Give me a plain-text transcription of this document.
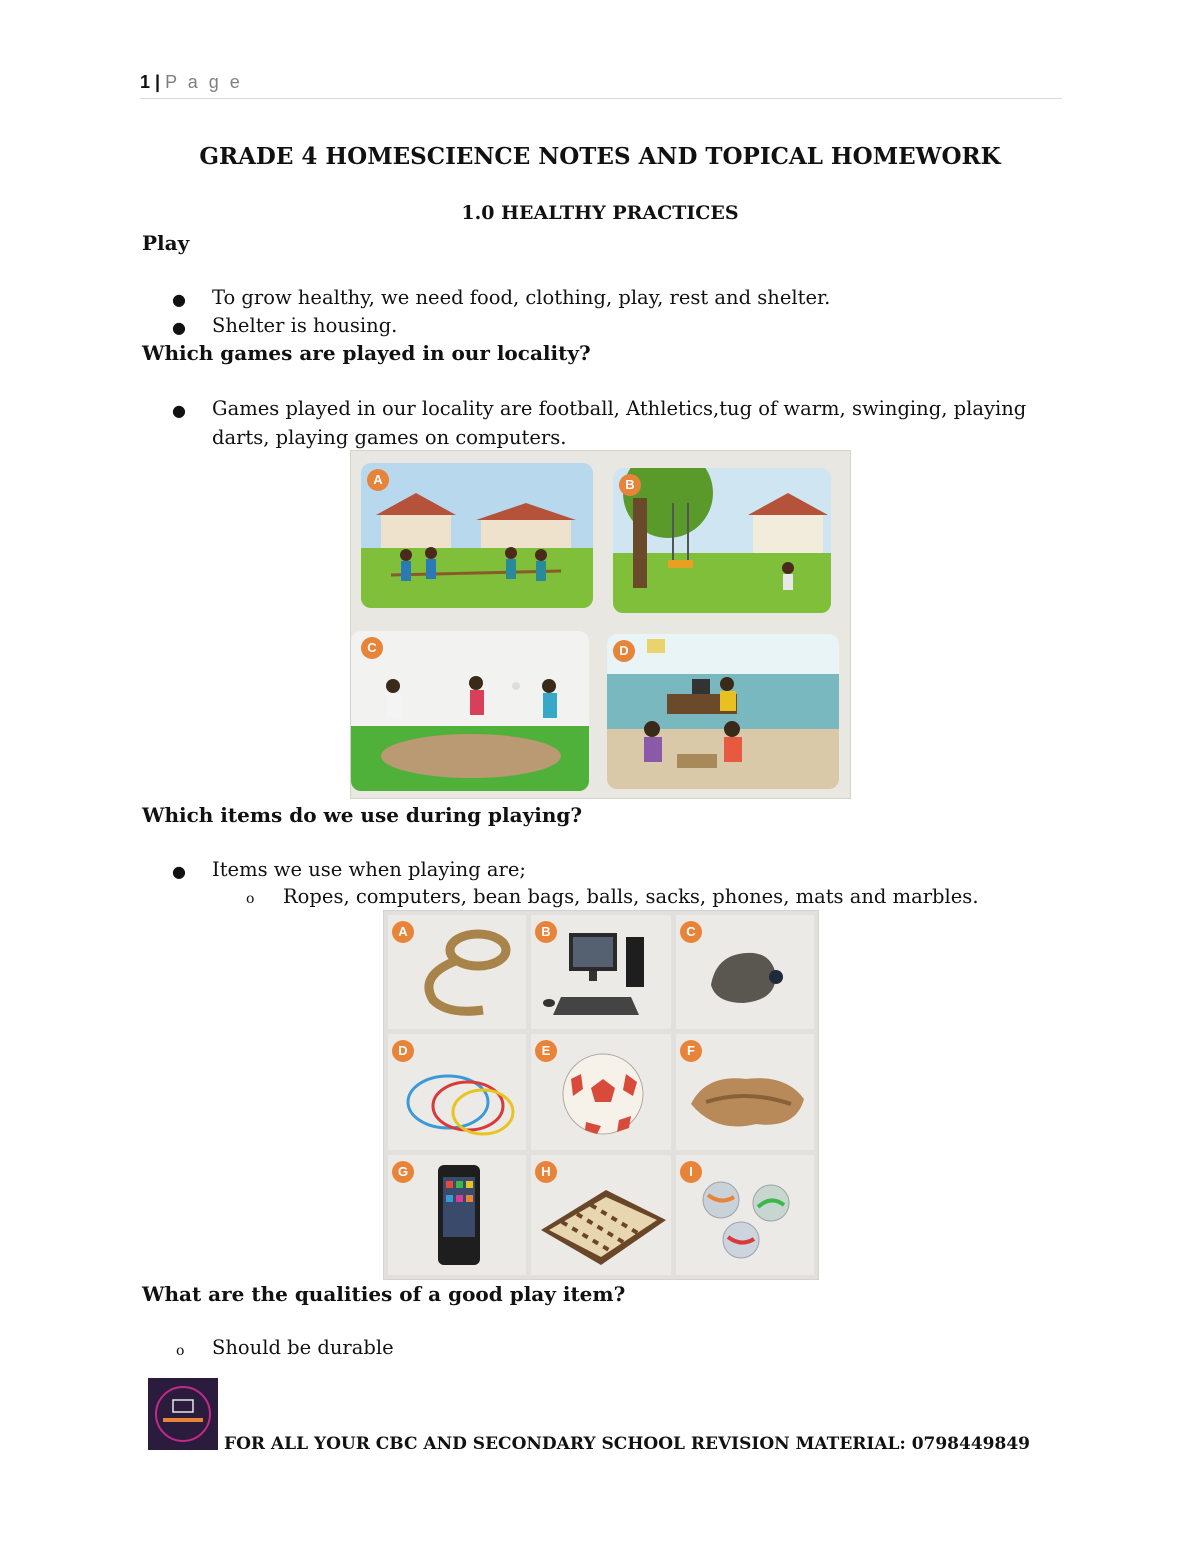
1 | P a g e
GRADE 4 HOMESCIENCE NOTES AND TOPICAL HOMEWORK
1.0 HEALTHY PRACTICES
Play
● To grow healthy, we need food, clothing, play, rest and shelter.
● Shelter is housing.
Which games are played in our locality?
● Games played in our locality are football, Athletics,tug of warm, swinging, playing
darts, playing games on computers.
A	B
C	D
Which items do we use during playing?
● Items we use when playing are;
o Ropes, computers, bean bags, balls, sacks, phones, mats and marbles.
A	B	C
D	E	F
G	H	I
What are the qualities of a good play item?
o Should be durable
FOR ALL YOUR CBC AND SECONDARY SCHOOL REVISION MATERIAL: 0798449849
